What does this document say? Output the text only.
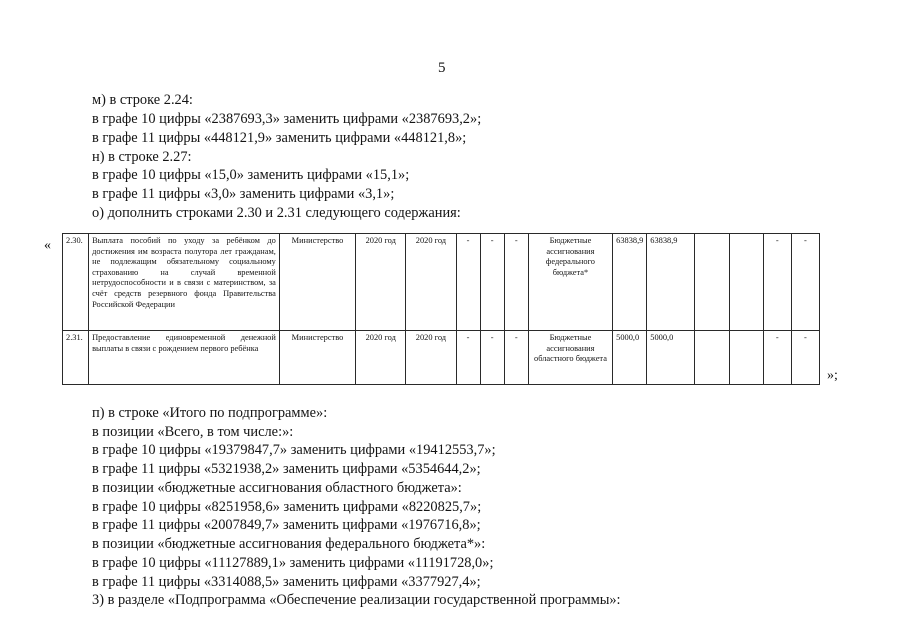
5
м) в строке 2.24:
в графе 10 цифры «2387693,3» заменить цифрами «2387693,2»;
в графе 11 цифры «448121,9» заменить цифрами «448121,8»;
н) в строке 2.27:
в графе 10 цифры «15,0» заменить цифрами «15,1»;
в графе 11 цифры «3,0» заменить цифрами «3,1»;
о) дополнить строками 2.30 и 2.31 следующего содержания:
« 2.30.	Выплата пособий по уходу за ребёнком до достижения им возраста полутора лет гражданам, не подлежащим обязательному социальному страхованию на случай временной нетрудоспособности и в связи с материнством, за счёт средств резервного фонда Правительства Российской Федерации	Министерство	2020 год	2020 год	-	-	-	Бюджетные ассигнования федерального бюджета*	63838,9	63838,9			-	-
2.31.	Предоставление единовременной денежной выплаты в связи с рождением первого ребёнка	Министерство	2020 год	2020 год	-	-	-	Бюджетные ассигнования областного бюджета	5000,0	5000,0			-	-
»;
п) в строке «Итого по подпрограмме»:
в позиции «Всего, в том числе:»:
в графе 10 цифры «19379847,7» заменить цифрами «19412553,7»;
в графе 11 цифры «5321938,2» заменить цифрами «5354644,2»;
в позиции «бюджетные ассигнования областного бюджета»:
в графе 10 цифры «8251958,6» заменить цифрами «8220825,7»;
в графе 11 цифры «2007849,7» заменить цифрами «1976716,8»;
в позиции «бюджетные ассигнования федерального бюджета*»:
в графе 10 цифры «11127889,1» заменить цифрами «11191728,0»;
в графе 11 цифры «3314088,5» заменить цифрами «3377927,4»;
3) в разделе «Подпрограмма «Обеспечение реализации государственной программы»:
